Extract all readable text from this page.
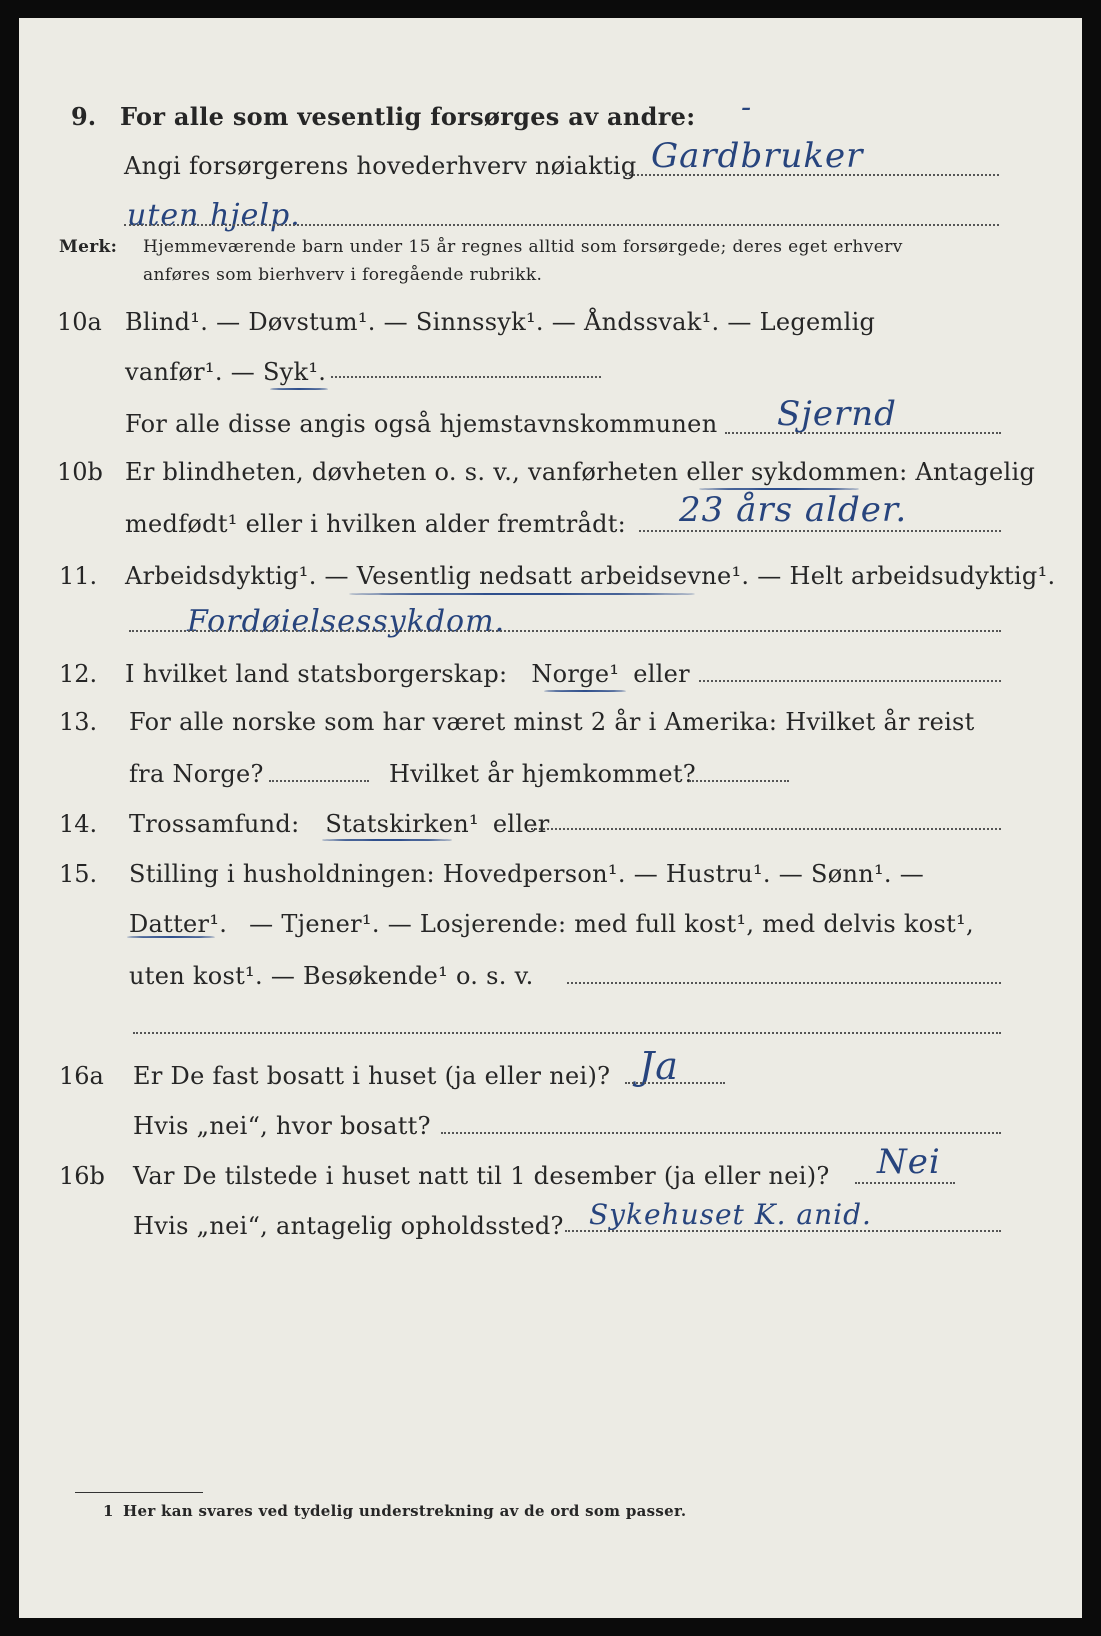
9. For alle som vesentlig forsørges av andre: -
Angi forsørgerens hovederhverv nøiaktig Gardbruker
uten hjelp.
Merk: Hjemmeværende barn under 15 år regnes alltid som forsørgede; deres eget erhverv
anføres som bierhverv i foregående rubrikk.
10a Blind¹. — Døvstum¹. — Sinnssyk¹. — Åndssvak¹. — Legemlig
vanfør¹. — Syk¹.
For alle disse angis også hjemstavnskommunen Sjernd
10b Er blindheten, døvheten o. s. v., vanførheten eller sykdommen: Antagelig
medfødt¹ eller i hvilken alder fremtrådt: 23 års alder.
11. Arbeidsdyktig¹. — Vesentlig nedsatt arbeidsevne¹. — Helt arbeidsudyktig¹.
Fordøielsessykdom.
12. I hvilket land statsborgerskap: Norge¹ eller
13. For alle norske som har været minst 2 år i Amerika: Hvilket år reist
fra Norge?	Hvilket år hjemkommet?
14. Trossamfund: Statskirken¹ eller
15. Stilling i husholdningen: Hovedperson¹. — Hustru¹. — Sønn¹. —
Datter¹. — Tjener¹. — Losjerende: med full kost¹, med delvis kost¹,
uten kost¹. — Besøkende¹ o. s. v.
16a Er De fast bosatt i huset (ja eller nei)? Ja
Hvis „nei“, hvor bosatt?
16b Var De tilstede i huset natt til 1 desember (ja eller nei)? Nei
Hvis „nei“, antagelig opholdssted? Sykehuset K. anid.
1 Her kan svares ved tydelig understrekning av de ord som passer.
